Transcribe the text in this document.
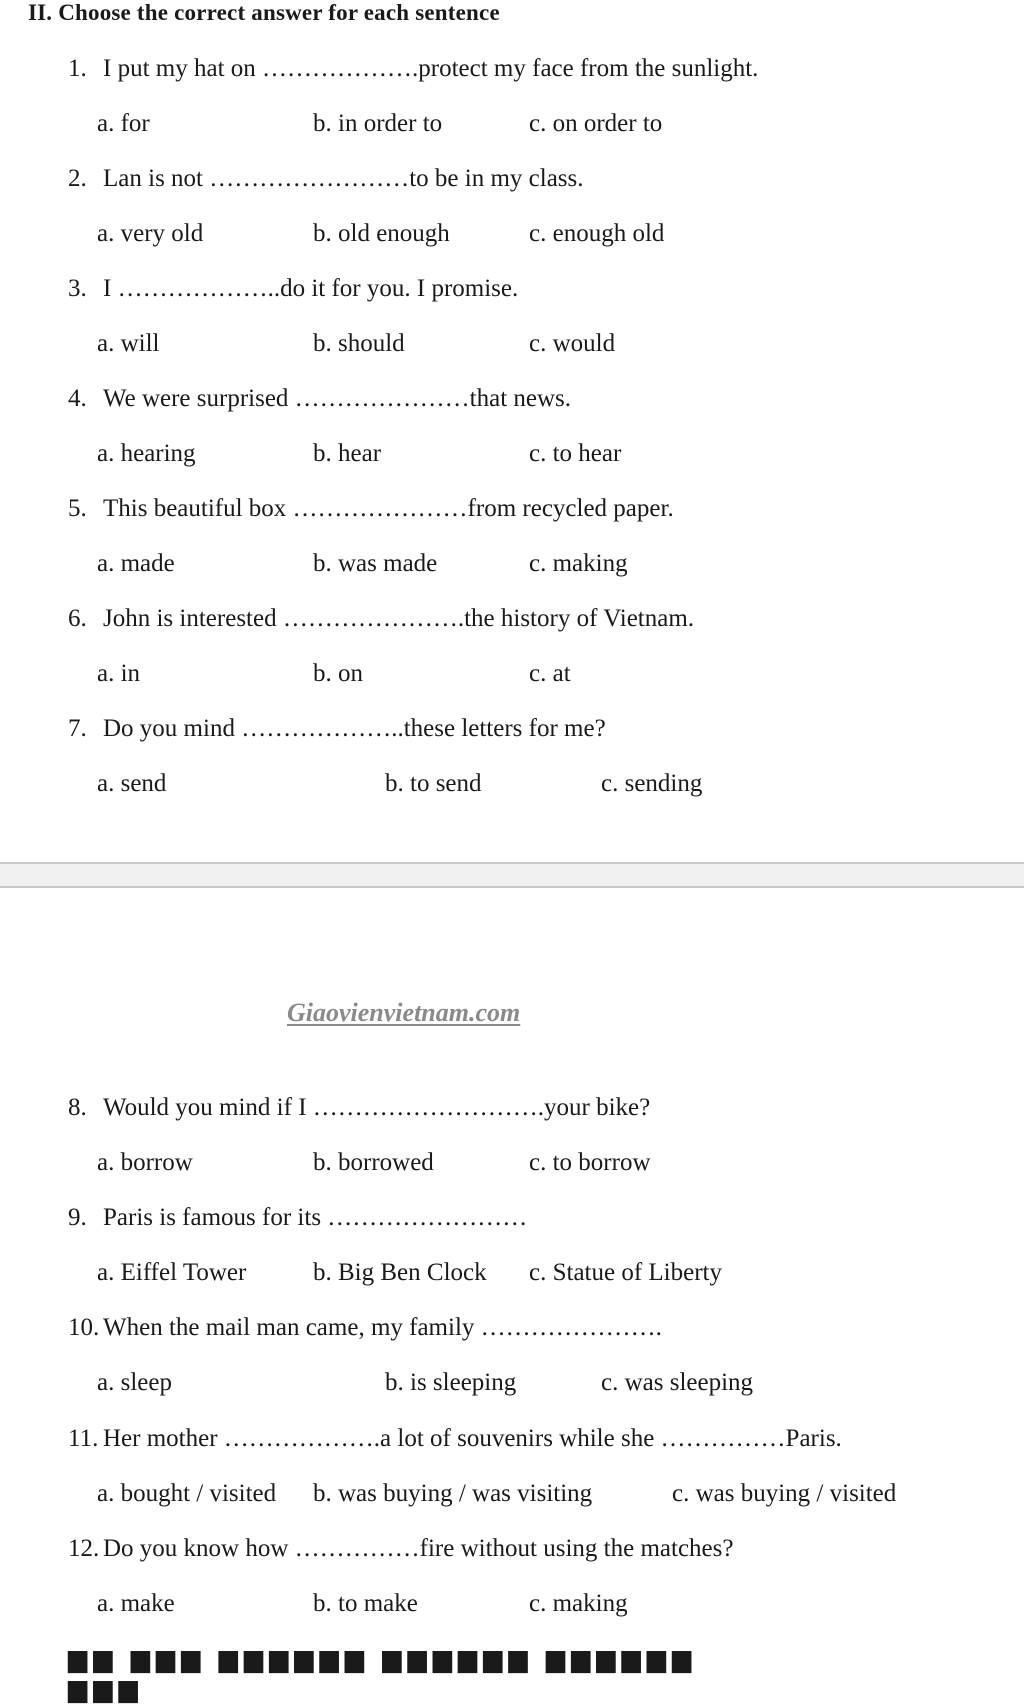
II. Choose the correct answer for each sentence
1. I put my hat on ……………….protect my face from the sunlight.
a. for	b. in order to	c. on order to
2. Lan is not ……………………to be in my class.
a. very old	b. old enough	c. enough old
3. I ………………..do it for you. I promise.
a. will	b. should	c. would
4. We were surprised …………………that news.
a. hearing	b. hear	c. to hear
5. This beautiful box …………………from recycled paper.
a. made	b. was made	c. making
6. John is interested ………………….the history of Vietnam.
a. in	b. on	c. at
7. Do you mind ………………..these letters for me?
a. send	b. to send	c. sending
Giaovienvietnam.com
8. Would you mind if I ……………………….your bike?
a. borrow	b. borrowed	c. to borrow
9. Paris is famous for its ……………………
a. Eiffel Tower	b. Big Ben Clock c. Statue of Liberty
10. When the mail man came, my family ………………….
a. sleep	b. is sleeping	c. was sleeping
11. Her mother ……………….a lot of souvenirs while she ……………Paris.
a. bought / visited b. was buying / was visiting	c. was buying / visited
12. Do you know how ……………fire without using the matches?
a. make	b. to make	c. making
▆▆ ▆▆▆ ▆▆▆▆▆▆ ▆▆▆▆▆▆ ▆▆▆▆▆▆ ▆▆▆
